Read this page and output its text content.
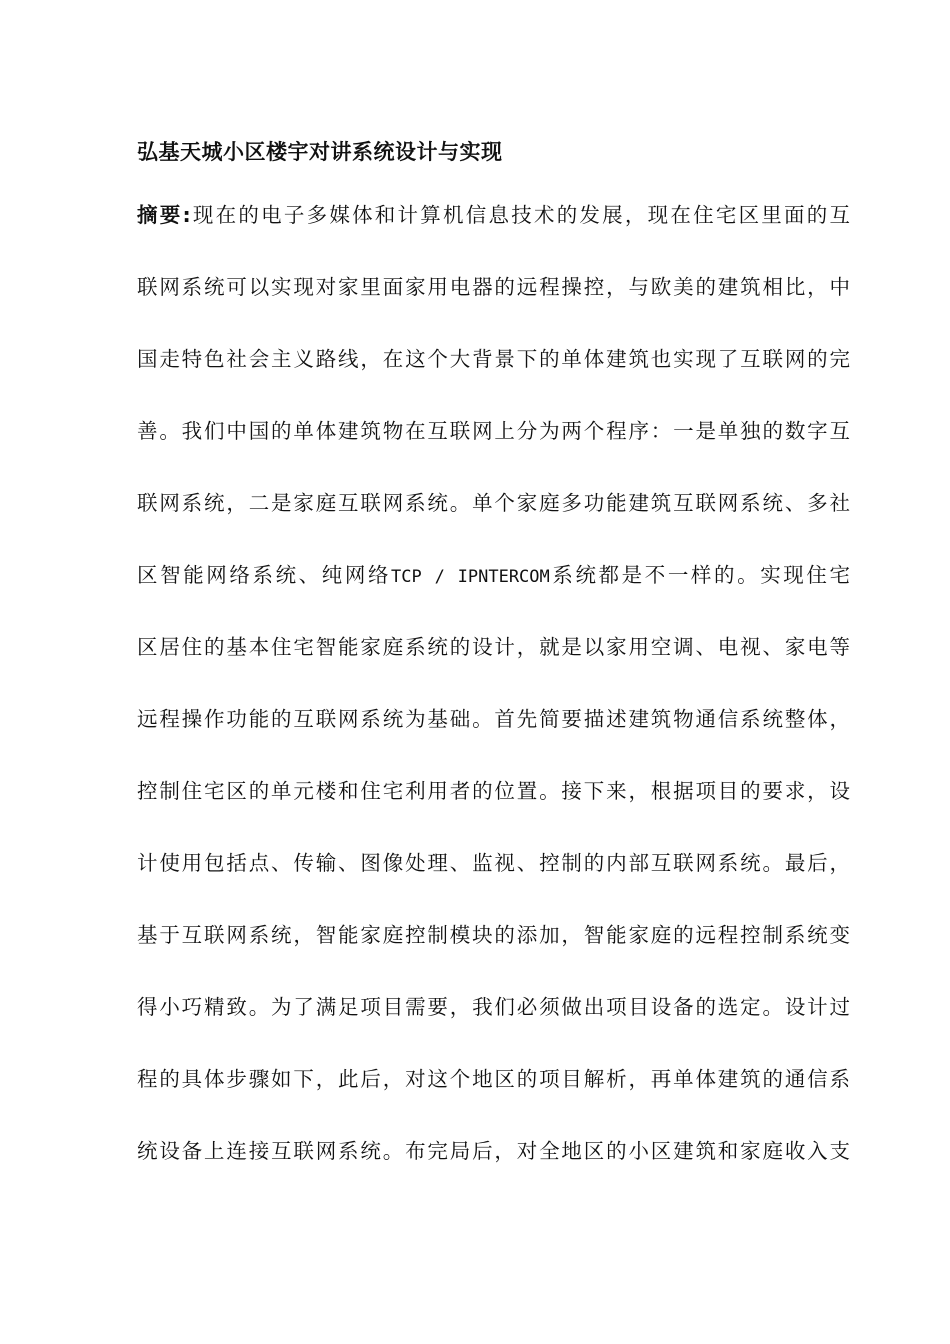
弘基天城小区楼宇对讲系统设计与实现
摘要:现在的电子多媒体和计算机信息技术的发展，现在住宅区里面的互
联网系统可以实现对家里面家用电器的远程操控，与欧美的建筑相比，中
国走特色社会主义路线，在这个大背景下的单体建筑也实现了互联网的完
善。我们中国的单体建筑物在互联网上分为两个程序：一是单独的数字互
联网系统，二是家庭互联网系统。单个家庭多功能建筑互联网系统、多社
区智能网络系统、纯网络TCP / IPNTERCOM系统都是不一样的。实现住宅
区居住的基本住宅智能家庭系统的设计，就是以家用空调、电视、家电等
远程操作功能的互联网系统为基础。首先简要描述建筑物通信系统整体，
控制住宅区的单元楼和住宅利用者的位置。接下来，根据项目的要求，设
计使用包括点、传输、图像处理、监视、控制的内部互联网系统。最后，
基于互联网系统，智能家庭控制模块的添加，智能家庭的远程控制系统变
得小巧精致。为了满足项目需要，我们必须做出项目设备的选定。设计过
程的具体步骤如下，此后，对这个地区的项目解析，再单体建筑的通信系
统设备上连接互联网系统。布完局后，对全地区的小区建筑和家庭收入支
